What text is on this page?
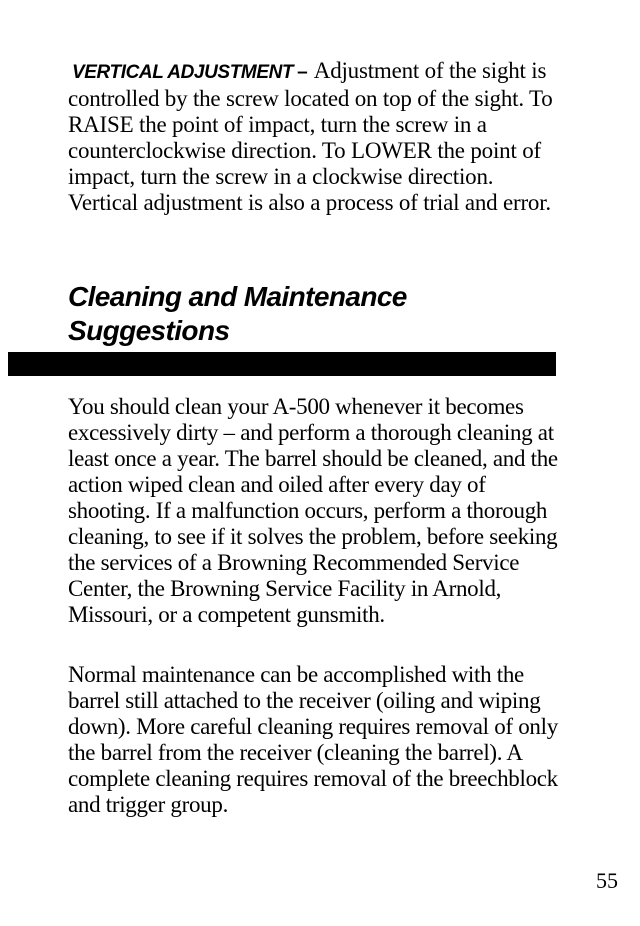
VERTICAL ADJUSTMENT – Adjustment of the sight is controlled by the screw located on top of the sight. To RAISE the point of impact, turn the screw in a counterclockwise direction. To LOWER the point of impact, turn the screw in a clockwise direction. Vertical adjustment is also a process of trial and error.

Cleaning and Maintenance Suggestions

You should clean your A-500 whenever it becomes excessively dirty – and perform a thorough cleaning at least once a year. The barrel should be cleaned, and the action wiped clean and oiled after every day of shooting. If a malfunction occurs, perform a thorough cleaning, to see if it solves the problem, before seeking the services of a Browning Recommended Service Center, the Browning Service Facility in Arnold, Missouri, or a competent gunsmith.

Normal maintenance can be accomplished with the barrel still attached to the receiver (oiling and wiping down). More careful cleaning requires removal of only the barrel from the receiver (cleaning the barrel). A complete cleaning requires removal of the breechblock and trigger group.

55
